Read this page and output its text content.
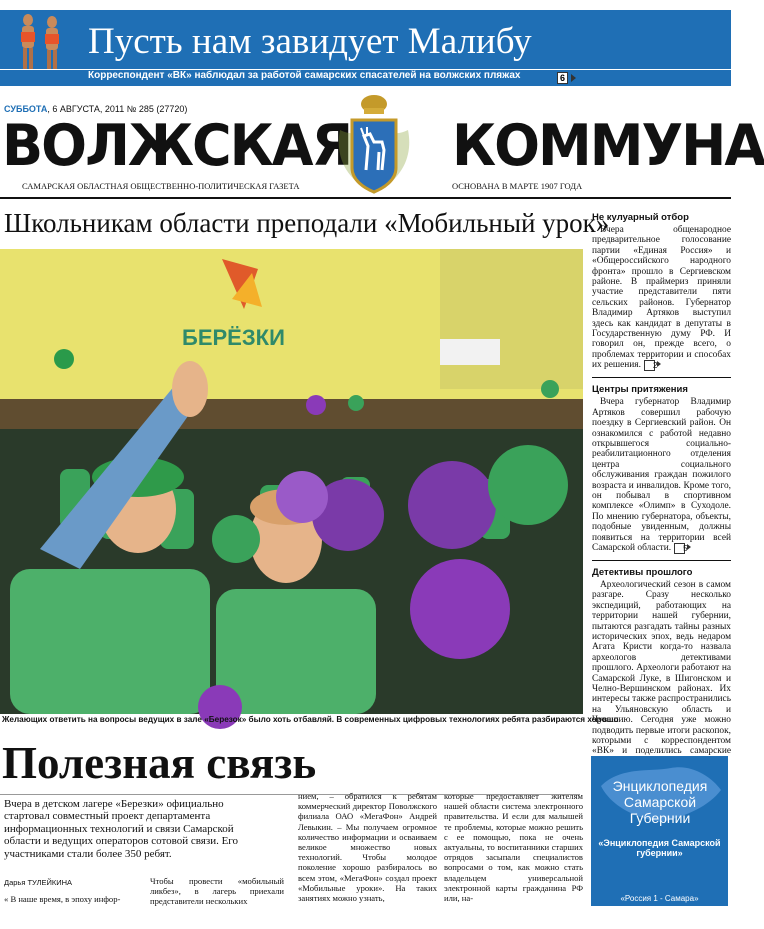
Пусть нам завидует Малибу
Корреспондент «ВК» наблюдал за работой самарских спасателей на волжских пляжах	6
СУББОТА, 6 АВГУСТА, 2011 № 285 (27720)
ВОЛЖСКАЯ КОММУНА
САМАРСКАЯ ОБЛАСТНАЯ ОБЩЕСТВЕННО-ПОЛИТИЧЕСКАЯ ГАЗЕТА	ОСНОВАНА В МАРТЕ 1907 ГОДА
Школьникам области преподали «Мобильный урок»
БЕРЁЗКИ
Фото НИКОЛАЯ
Желающих ответить на вопросы ведущих в зале «Березок» было хоть отбавляй. В современных цифровых технологиях ребята разбираются хорошо
Не кулуарный отбор
Вчера общенародное предварительное голосование партии «Единая Россия» и «Общероссийского народного фронта» прошло в Сергиевском районе. В праймериз приняли участие представители пяти сельских районов. Губернатор Владимир Артяков выступил здесь как кандидат в депутаты в Государственную думу РФ. И говорил он, прежде всего, о проблемах территории и способах их решения. 2
Центры притяжения
Вчера губернатор Владимир Артяков совершил рабочую поездку в Сергиевский район. Он ознакомился с работой недавно открывшегося социально-реабилитационного отделения центра социального обслуживания граждан пожилого возраста и инвалидов. Кроме того, он побывал в спортивном комплексе «Олимп» в Суходоле. По мнению губернатора, объекты, подобные увиденным, должны появиться на территории всей Самарской области. 5
Детективы прошлого
Археологический сезон в самом разгаре. Сразу несколько экспедиций, работающих на территории нашей губернии, пытаются разгадать тайны разных исторических эпох, ведь недаром Агата Кристи когда-то назвала археологов детективами прошлого. Археологи работают на Самарской Луке, в Шигонском и Челно-Вершинском районах. Их интересы также распространились на Ульяновскую область и Чувашию. Сегодня уже можно подводить первые итоги раскопок, которыми с корреспондентом «ВК» и поделились самарские
Энциклопедия Самарской Губернии
«Энциклопедия Самарской губернии»
«Россия 1 - Самара»
Полезная связь
Вчера в детском лагере «Березки» официально стартовал совместный проект департамента информационных технологий и связи Самарской области и ведущих операторов сотовой связи. Его участниками стали более 350 ребят.
Дарья ТУЛЕЙКИНА
« В наше время, в эпоху инфор-
Чтобы провести «мобильный ликбез», в лагерь приехали представители нескольких
нием, – обратился к ребятам коммерческий директор Поволжского филиала ОАО «МегаФон» Андрей Левыкин. – Мы получаем огромное количество информации и осваиваем великое множество новых технологий. Чтобы молодое поколение хорошо разбиралось во всем этом, «МегаФон» создал проект «Мобильные уроки». На таких занятиях можно узнать,
которые предоставляет жителям нашей области система электронного правительства. И если для малышей те проблемы, которые можно решить с ее помощью, пока не очень актуальны, то воспитанники старших отрядов засыпали специалистов вопросами о том, как можно стать владельцем универсальной электронной карты гражданина РФ или, на-
